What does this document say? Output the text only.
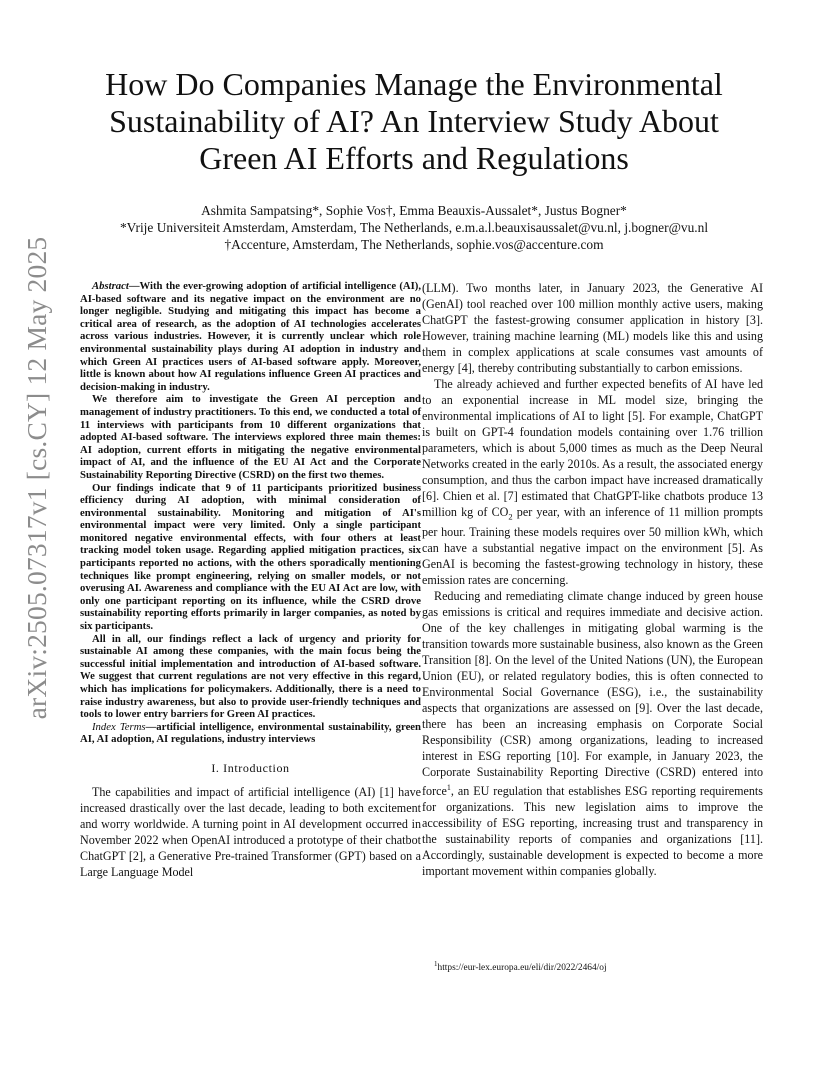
arXiv:2505.07317v1 [cs.CY] 12 May 2025
How Do Companies Manage the Environmental Sustainability of AI? An Interview Study About Green AI Efforts and Regulations
Ashmita Sampatsing*, Sophie Vos†, Emma Beauxis-Aussalet*, Justus Bogner*
*Vrije Universiteit Amsterdam, Amsterdam, The Netherlands, e.m.a.l.beauxisaussalet@vu.nl, j.bogner@vu.nl
†Accenture, Amsterdam, The Netherlands, sophie.vos@accenture.com

Abstract—With the ever-growing adoption of artificial intelligence (AI), AI-based software and its negative impact on the environment are no longer negligible. Studying and mitigating this impact has become a critical area of research, as the adoption of AI technologies accelerates across various industries. However, it is currently unclear which role environmental sustainability plays during AI adoption in industry and which Green AI practices users of AI-based software apply. Moreover, little is known about how AI regulations influence Green AI practices and decision-making in industry.

We therefore aim to investigate the Green AI perception and management of industry practitioners. To this end, we conducted a total of 11 interviews with participants from 10 different organizations that adopted AI-based software. The interviews explored three main themes: AI adoption, current efforts in mitigating the negative environmental impact of AI, and the influence of the EU AI Act and the Corporate Sustainability Reporting Directive (CSRD) on the first two themes.

Our findings indicate that 9 of 11 participants prioritized business efficiency during AI adoption, with minimal consideration of environmental sustainability. Monitoring and mitigation of AI's environmental impact were very limited. Only a single participant monitored negative environmental effects, with four others at least tracking model token usage. Regarding applied mitigation practices, six participants reported no actions, with the others sporadically mentioning techniques like prompt engineering, relying on smaller models, or not overusing AI. Awareness and compliance with the EU AI Act are low, with only one participant reporting on its influence, while the CSRD drove sustainability reporting efforts primarily in larger companies, as noted by six participants.

All in all, our findings reflect a lack of urgency and priority for sustainable AI among these companies, with the main focus being the successful initial implementation and introduction of AI-based software. We suggest that current regulations are not very effective in this regard, which has implications for policymakers. Additionally, there is a need to raise industry awareness, but also to provide user-friendly techniques and tools to lower entry barriers for Green AI practices.

Index Terms—artificial intelligence, environmental sustainability, green AI, AI adoption, AI regulations, industry interviews

I. Introduction

The capabilities and impact of artificial intelligence (AI) [1] have increased drastically over the last decade, leading to both excitement and worry worldwide. A turning point in AI development occurred in November 2022 when OpenAI introduced a prototype of their chatbot ChatGPT [2], a Generative Pre-trained Transformer (GPT) based on a Large Language Model

(LLM). Two months later, in January 2023, the Generative AI (GenAI) tool reached over 100 million monthly active users, making ChatGPT the fastest-growing consumer application in history [3]. However, training machine learning (ML) models like this and using them in complex applications at scale consumes vast amounts of energy [4], thereby contributing substantially to carbon emissions.

The already achieved and further expected benefits of AI have led to an exponential increase in ML model size, bringing the environmental implications of AI to light [5]. For example, ChatGPT is built on GPT-4 foundation models containing over 1.76 trillion parameters, which is about 5,000 times as much as the Deep Neural Networks created in the early 2010s. As a result, the associated energy consumption, and thus the carbon impact have increased dramatically [6]. Chien et al. [7] estimated that ChatGPT-like chatbots produce 13 million kg of $CO_2$ per year, with an inference of 11 million prompts per hour. Training these models requires over 50 million kWh, which can have a substantial negative impact on the environment [5]. As GenAI is becoming the fastest-growing technology in history, these emission rates are concerning.

Reducing and remediating climate change induced by green house gas emissions is critical and requires immediate and decisive action. One of the key challenges in mitigating global warming is the transition towards more sustainable business, also known as the Green Transition [8]. On the level of the United Nations (UN), the European Union (EU), or related regulatory bodies, this is often connected to Environmental Social Governance (ESG), i.e., the sustainability aspects that organizations are assessed on [9]. Over the last decade, there has been an increasing emphasis on Corporate Social Responsibility (CSR) among organizations, leading to increased interest in ESG reporting [10]. For example, in January 2023, the Corporate Sustainability Reporting Directive (CSRD) entered into force$^1$, an EU regulation that establishes ESG reporting requirements for organizations. This new legislation aims to improve the accessibility of ESG reporting, increasing trust and transparency in the sustainability reports of companies and organizations [11]. Accordingly, sustainable development is expected to become a more important movement within companies globally.

$^1$https://eur-lex.europa.eu/eli/dir/2022/2464/oj
